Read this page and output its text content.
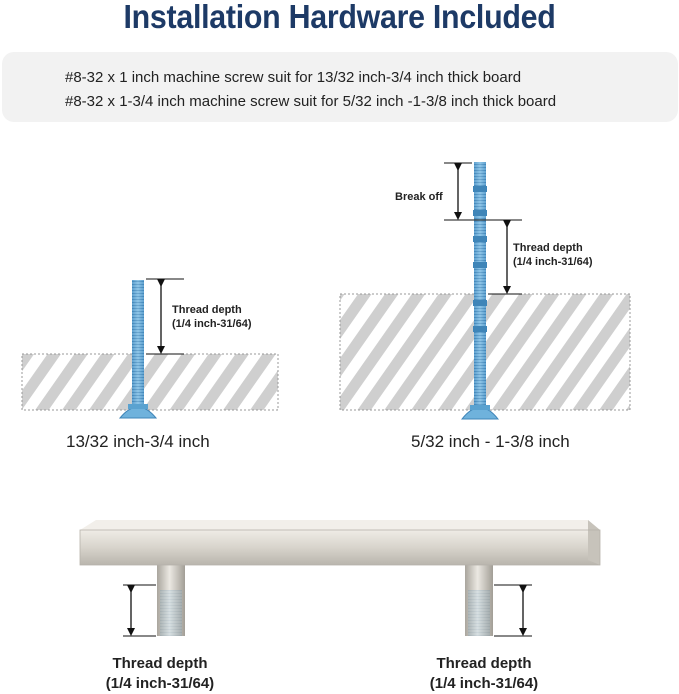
Installation Hardware Included
#8-32 x 1 inch machine screw suit for 13/32 inch-3/4 inch thick board
#8-32 x 1-3/4 inch machine screw suit for 5/32 inch -1-3/8 inch thick board
Thread depth
(1/4 inch-31/64)
Break off
Thread depth
(1/4 inch-31/64)
13/32 inch-3/4 inch	5/32 inch - 1-3/8 inch
Thread depth
(1/4 inch-31/64)
Thread depth
(1/4 inch-31/64)
